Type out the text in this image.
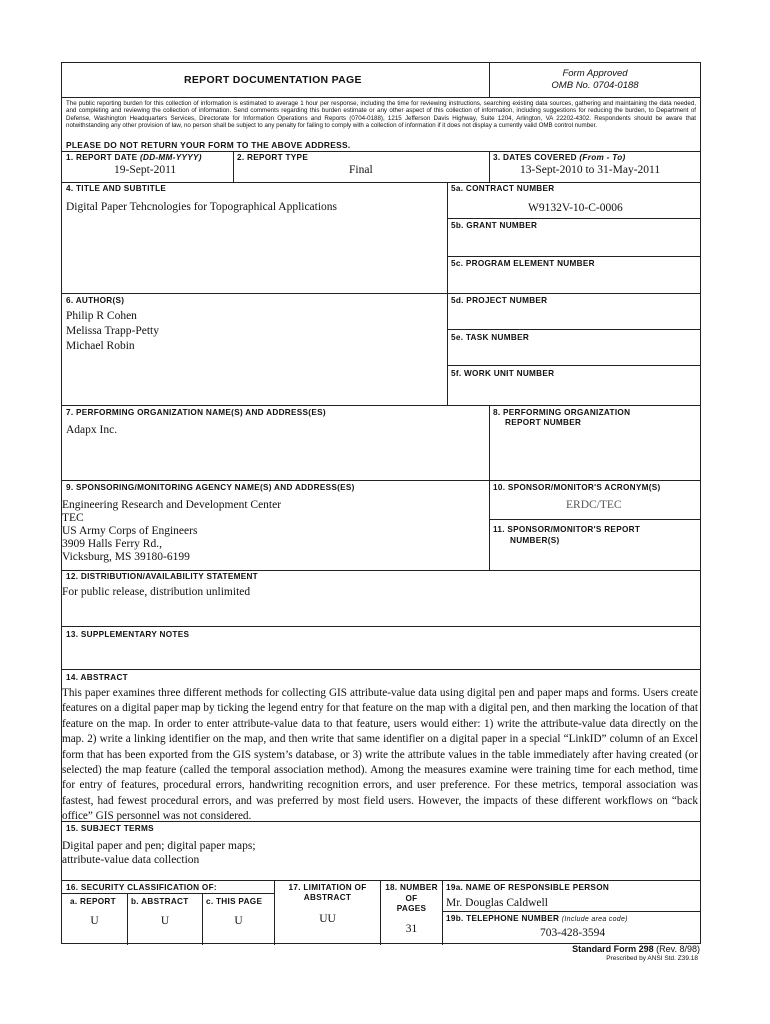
REPORT DOCUMENTATION PAGE
Form Approved
OMB No. 0704-0188
The public reporting burden for this collection of information is estimated to average 1 hour per response, including the time for reviewing instructions, searching existing data sources, gathering and maintaining the data needed, and completing and reviewing the collection of information. Send comments regarding this burden estimate or any other aspect of this collection of information, including suggestions for reducing the burden, to Department of Defense, Washington Headquarters Services, Directorate for Information Operations and Reports (0704-0188), 1215 Jefferson Davis Highway, Suite 1204, Arlington, VA 22202-4302. Respondents should be aware that notwithstanding any other provision of law, no person shall be subject to any penalty for failing to comply with a collection of information if it does not display a currently valid OMB control number.
PLEASE DO NOT RETURN YOUR FORM TO THE ABOVE ADDRESS.
1. REPORT DATE (DD-MM-YYYY)
19-Sept-2011
2. REPORT TYPE
Final
3. DATES COVERED (From - To)
13-Sept-2010 to 31-May-2011
4. TITLE AND SUBTITLE
Digital Paper Tehcnologies for Topographical Applications
5a. CONTRACT NUMBER
W9132V-10-C-0006
5b. GRANT NUMBER
5c. PROGRAM ELEMENT NUMBER
6. AUTHOR(S)
Philip R Cohen
Melissa Trapp-Petty
Michael Robin
5d. PROJECT NUMBER
5e. TASK NUMBER
5f. WORK UNIT NUMBER
7. PERFORMING ORGANIZATION NAME(S) AND ADDRESS(ES)
Adapx Inc.
8. PERFORMING ORGANIZATION
REPORT NUMBER
9. SPONSORING/MONITORING AGENCY NAME(S) AND ADDRESS(ES)
Engineering Research and Development Center
TEC
US Army Corps of Engineers
3909 Halls Ferry Rd.,
Vicksburg, MS 39180-6199
10. SPONSOR/MONITOR'S ACRONYM(S)
ERDC/TEC
11. SPONSOR/MONITOR'S REPORT
NUMBER(S)
12. DISTRIBUTION/AVAILABILITY STATEMENT
For public release, distribution unlimited
13. SUPPLEMENTARY NOTES
14. ABSTRACT
This paper examines three different methods for collecting GIS attribute-value data using digital pen and paper maps and forms. Users create features on a digital paper map by ticking the legend entry for that feature on the map with a digital pen, and then marking the location of that feature on the map. In order to enter attribute-value data to that feature, users would either: 1) write the attribute-value data directly on the map. 2) write a linking identifier on the map, and then write that same identifier on a digital paper in a special “LinkID” column of an Excel form that has been exported from the GIS system’s database, or 3) write the attribute values in the table immediately after having created (or selected) the map feature (called the temporal association method). Among the measures examine were training time for each method, time for entry of features, procedural errors, handwriting recognition errors, and user preference. For these metrics, temporal association was fastest, had fewest procedural errors, and was preferred by most field users. However, the impacts of these different workflows on “back office” GIS personnel was not considered.
15. SUBJECT TERMS
Digital paper and pen; digital paper maps;
attribute-value data collection
16. SECURITY CLASSIFICATION OF:
a. REPORT b. ABSTRACT c. THIS PAGE
U	U	U
17. LIMITATION OF
ABSTRACT
UU
18. NUMBER
OF
PAGES
31
19a. NAME OF RESPONSIBLE PERSON
Mr. Douglas Caldwell
19b. TELEPHONE NUMBER (Include area code)
703-428-3594
Standard Form 298 (Rev. 8/98)
Prescribed by ANSI Std. Z39.18
